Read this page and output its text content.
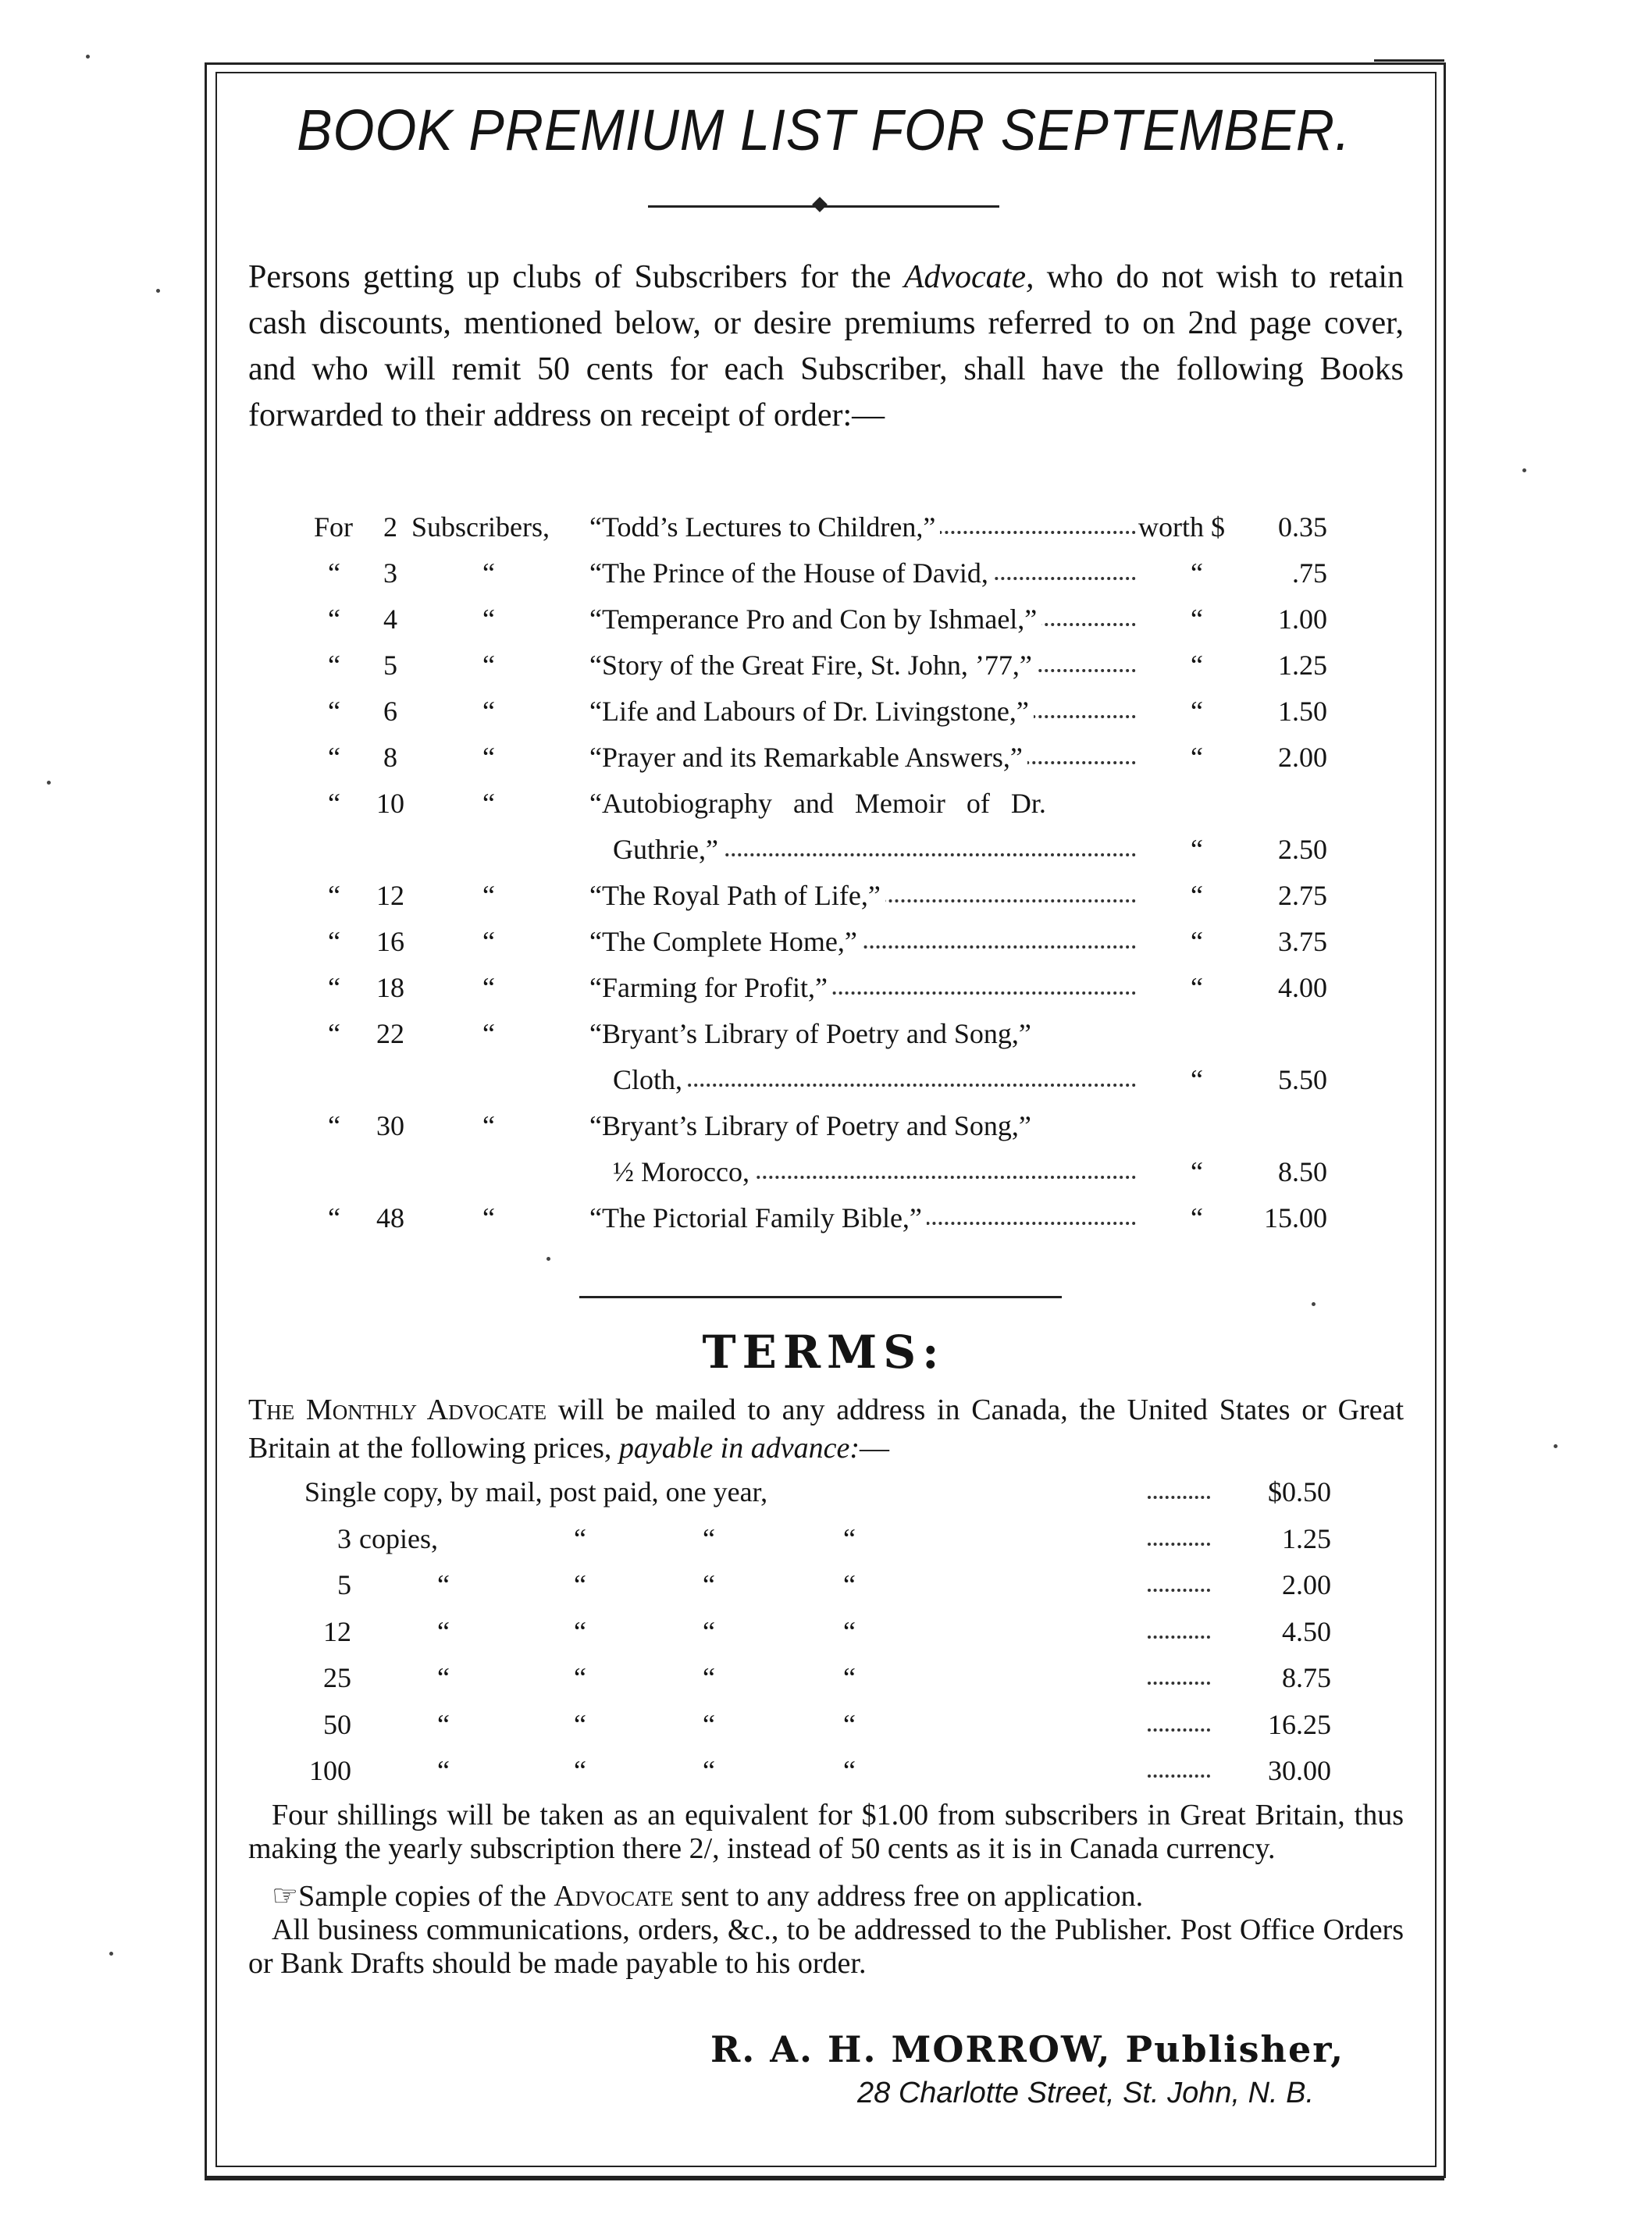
BOOK PREMIUM LIST FOR SEPTEMBER.
Persons getting up clubs of Subscribers for the Advocate, who do not wish to retain cash discounts, mentioned below, or desire premiums referred to on 2nd page cover, and who will remit 50 cents for each Subscriber, shall have the following Books forwarded to their address on receipt of order:—
For	2 Subscribers, “Todd’s Lectures to Children,”	worth $	0.35
“	3	“	“The Prince of the House of David,	“	.75
“	4	“	“Temperance Pro and Con by Ishmael,”	“	1.00
“	5	“	“Story of the Great Fire, St. John, ’77,”	“	1.25
“	6	“	“Life and Labours of Dr. Livingstone,”	“	1.50
“	8	“	“Prayer and its Remarkable Answers,”	“	2.00
“	10	“	“Autobiography and Memoir of Dr.
Guthrie,”	“	2.50
“	12	“	“The Royal Path of Life,”	“	2.75
“	16	“	“The Complete Home,”	“	3.75
“	18	“	“Farming for Profit,”	“	4.00
“	22	“	“Bryant’s Library of Poetry and Song,”
Cloth,	“	5.50
“	30	“	“Bryant’s Library of Poetry and Song,”
½ Morocco,	“	8.50
“	48	“	“The Pictorial Family Bible,”	“	15.00
TERMS:
The Monthly Advocate will be mailed to any address in Canada, the United States or Great Britain at the following prices, payable in advance:—
Single copy, by mail, post paid, one year,	$0.50
3 copies,	“	“	“	1.25
5	“	“	“	“	2.00
12	“	“	“	“	4.50
25	“	“	“	“	8.75
50	“	“	“	“	16.25
100	“	“	“	“	30.00

Four shillings will be taken as an equivalent for $1.00 from subscribers in Great Britain, thus making the yearly subscription there 2/, instead of 50 cents as it is in Canada currency.

☞Sample copies of the Advocate sent to any address free on application.

All business communications, orders, &c., to be addressed to the Publisher. Post Office Orders or Bank Drafts should be made payable to his order.

R. A. H. MORROW, Publisher,
28 Charlotte Street, St. John, N. B.
